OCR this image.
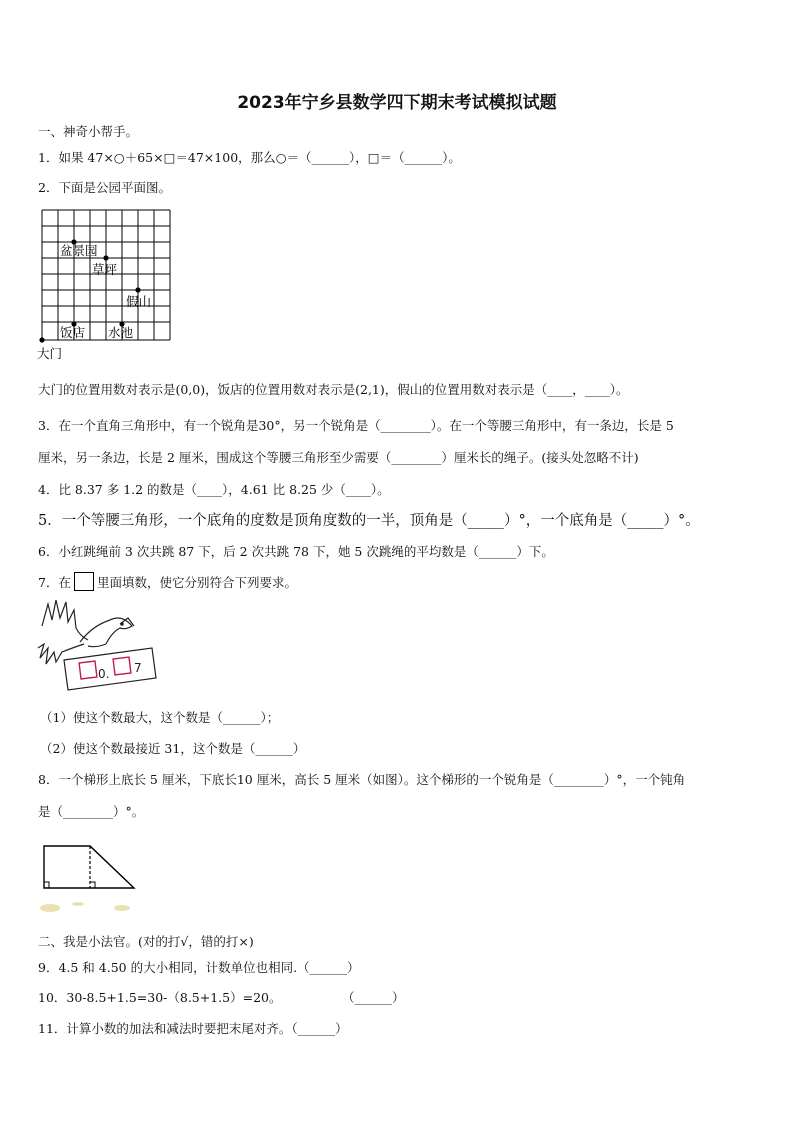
2023年宁乡县数学四下期末考试模拟试题
一、神奇小帮手。
1．如果 47×○＋65×□＝47×100，那么○＝（______），□＝（______）。
2．下面是公园平面图。
盆景园
草坪
假山
饭店 水池
大门
大门的位置用数对表示是(0,0)，饭店的位置用数对表示是(2,1)，假山的位置用数对表示是（____，____）。
3．在一个直角三角形中，有一个锐角是30°，另一个锐角是（________）。在一个等腰三角形中，有一条边，长是 5
厘米，另一条边，长是 2 厘米，围成这个等腰三角形至少需要（________）厘米长的绳子。(接头处忽略不计)
4．比 8.37 多 1.2 的数是（____），4.61 比 8.25 少（____）。
5．一个等腰三角形，一个底角的度数是顶角度数的一半，顶角是（_____）°，一个底角是（_____）°。
6．小红跳绳前 3 次共跳 87 下，后 2 次共跳 78 下，她 5 次跳绳的平均数是（______）下。
7．在 里面填数，使它分别符合下列要求。
0. 7
（1）使这个数最大，这个数是（______）；
（2）使这个数最接近 31，这个数是（______）
8．一个梯形上底长 5 厘米，下底长10 厘米，高长 5 厘米（如图）。这个梯形的一个锐角是（________）°，一个钝角
是（________）°。
二、我是小法官。(对的打√，错的打×)
9．4.5 和 4.50 的大小相同，计数单位也相同.（______）
10．30-8.5+1.5=30-（8.5+1.5）=20。	（______）
11．计算小数的加法和减法时要把末尾对齐。（______）
